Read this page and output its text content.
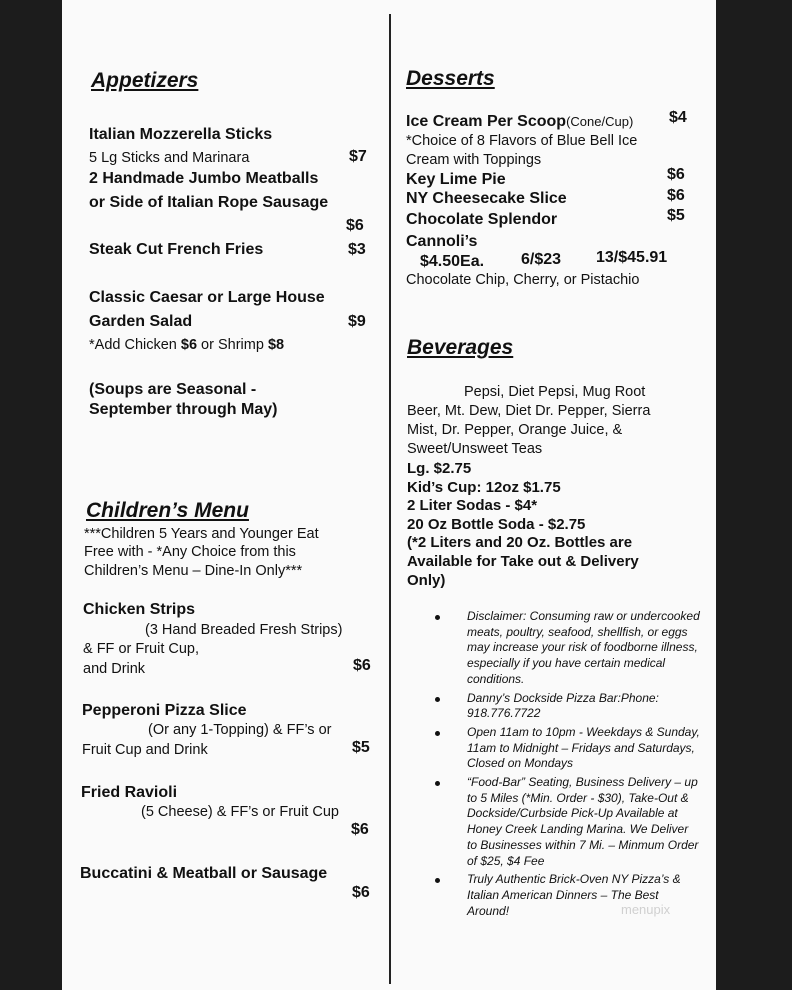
Appetizers
Italian Mozzerella Sticks
5 Lg Sticks and Marinara	$7
2 Handmade Jumbo Meatballs
or Side of Italian Rope Sausage
$6
Steak Cut French Fries	$3
Classic Caesar or Large House
Garden Salad	$9
*Add Chicken $6 or Shrimp $8
(Soups are Seasonal -
September through May)
Children’s Menu
***Children 5 Years and Younger Eat
Free with - *Any Choice from this
Children’s Menu – Dine-In Only***
Chicken Strips
(3 Hand Breaded Fresh Strips)
& FF or Fruit Cup,
and Drink	$6
Pepperoni Pizza Slice
(Or any 1-Topping) & FF’s or
Fruit Cup and Drink	$5
Fried Ravioli
(5 Cheese) & FF’s or Fruit Cup
$6
Buccatini & Meatball or Sausage
$6
Desserts
Ice Cream Per Scoop(Cone/Cup) $4
*Choice of 8 Flavors of Blue Bell Ice
Cream with Toppings
Key Lime Pie	$6
NY Cheesecake Slice	$6
Chocolate Splendor	$5
Cannoli’s
$4.50Ea. 6/$23 13/$45.91
Chocolate Chip, Cherry, or Pistachio
Beverages
Pepsi, Diet Pepsi, Mug Root
Beer, Mt. Dew, Diet Dr. Pepper, Sierra
Mist, Dr. Pepper, Orange Juice, &
Sweet/Unsweet Teas
Lg. $2.75
Kid’s Cup: 12oz $1.75
2 Liter Sodas - $4*
20 Oz Bottle Soda - $2.75
(*2 Liters and 20 Oz. Bottles are
Available for Take out & Delivery
Only)
Disclaimer: Consuming raw or undercooked meats, poultry, seafood, shellfish, or eggs may increase your risk of foodborne illness, especially if you have certain medical conditions.
Danny’s Dockside Pizza Bar:Phone: 918.776.7722
Open 11am to 10pm - Weekdays & Sunday, 11am to Midnight – Fridays and Saturdays, Closed on Mondays
“Food-Bar” Seating, Business Delivery – up to 5 Miles (*Min. Order - $30), Take-Out & Dockside/Curbside Pick-Up Available at Honey Creek Landing Marina. We Deliver to Businesses within 7 Mi. – Minmum Order of $25, $4 Fee
Truly Authentic Brick-Oven NY Pizza’s & Italian American Dinners – The Best Around!	menupix
